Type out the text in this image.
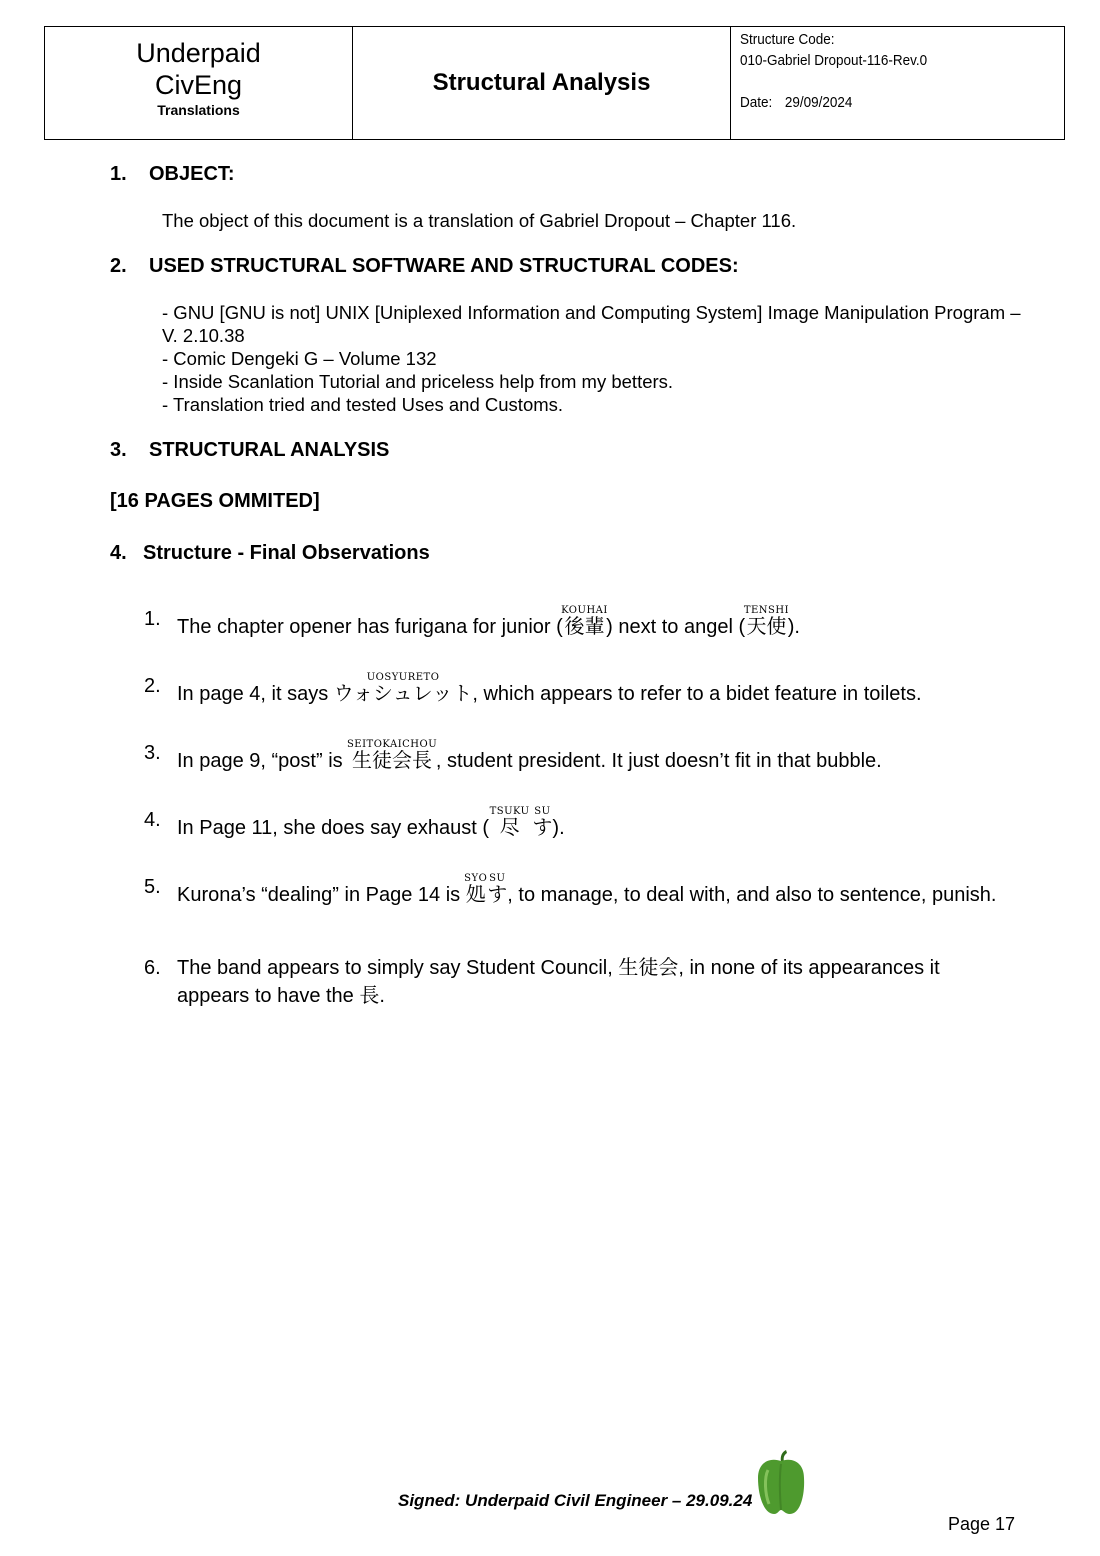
Underpaid
CivEng
Translations
Structural Analysis
Structure Code:
010-Gabriel Dropout-116-Rev.0
Date: 29/09/2024
1. OBJECT:

The object of this document is a translation of Gabriel Dropout – Chapter 116.

2. USED STRUCTURAL SOFTWARE AND STRUCTURAL CODES:

- GNU [GNU is not] UNIX [Uniplexed Information and Computing System] Image Manipulation Program – V. 2.10.38

- Comic Dengeki G – Volume 132

- Inside Scanlation Tutorial and priceless help from my betters.

- Translation tried and tested Uses and Customs.

3. STRUCTURAL ANALYSIS
[16 PAGES OMMITED]
4. Structure - Final Observations
1. The chapter opener has furigana for junior (後輩KOUHAI) next to angel (天使TENSHI).
2. In page 4, it says ウォシュレットUOSYURETO, which appears to refer to a bidet feature in toilets.
3. In page 9, “post” is 生徒会長SEITOKAICHOU, student president. It just doesn’t fit in that bubble.
4. In Page 11, she does say exhaust ( 尽TSUKU すSU).
5. Kurona’s “dealing” in Page 14 is 処SYOすSU, to manage, to deal with, and also to sentence, punish.
6. The band appears to simply say Student Council, 生徒会, in none of its appearances it appears to have the 長.
Signed: Underpaid Civil Engineer – 29.09.24
Page 17
